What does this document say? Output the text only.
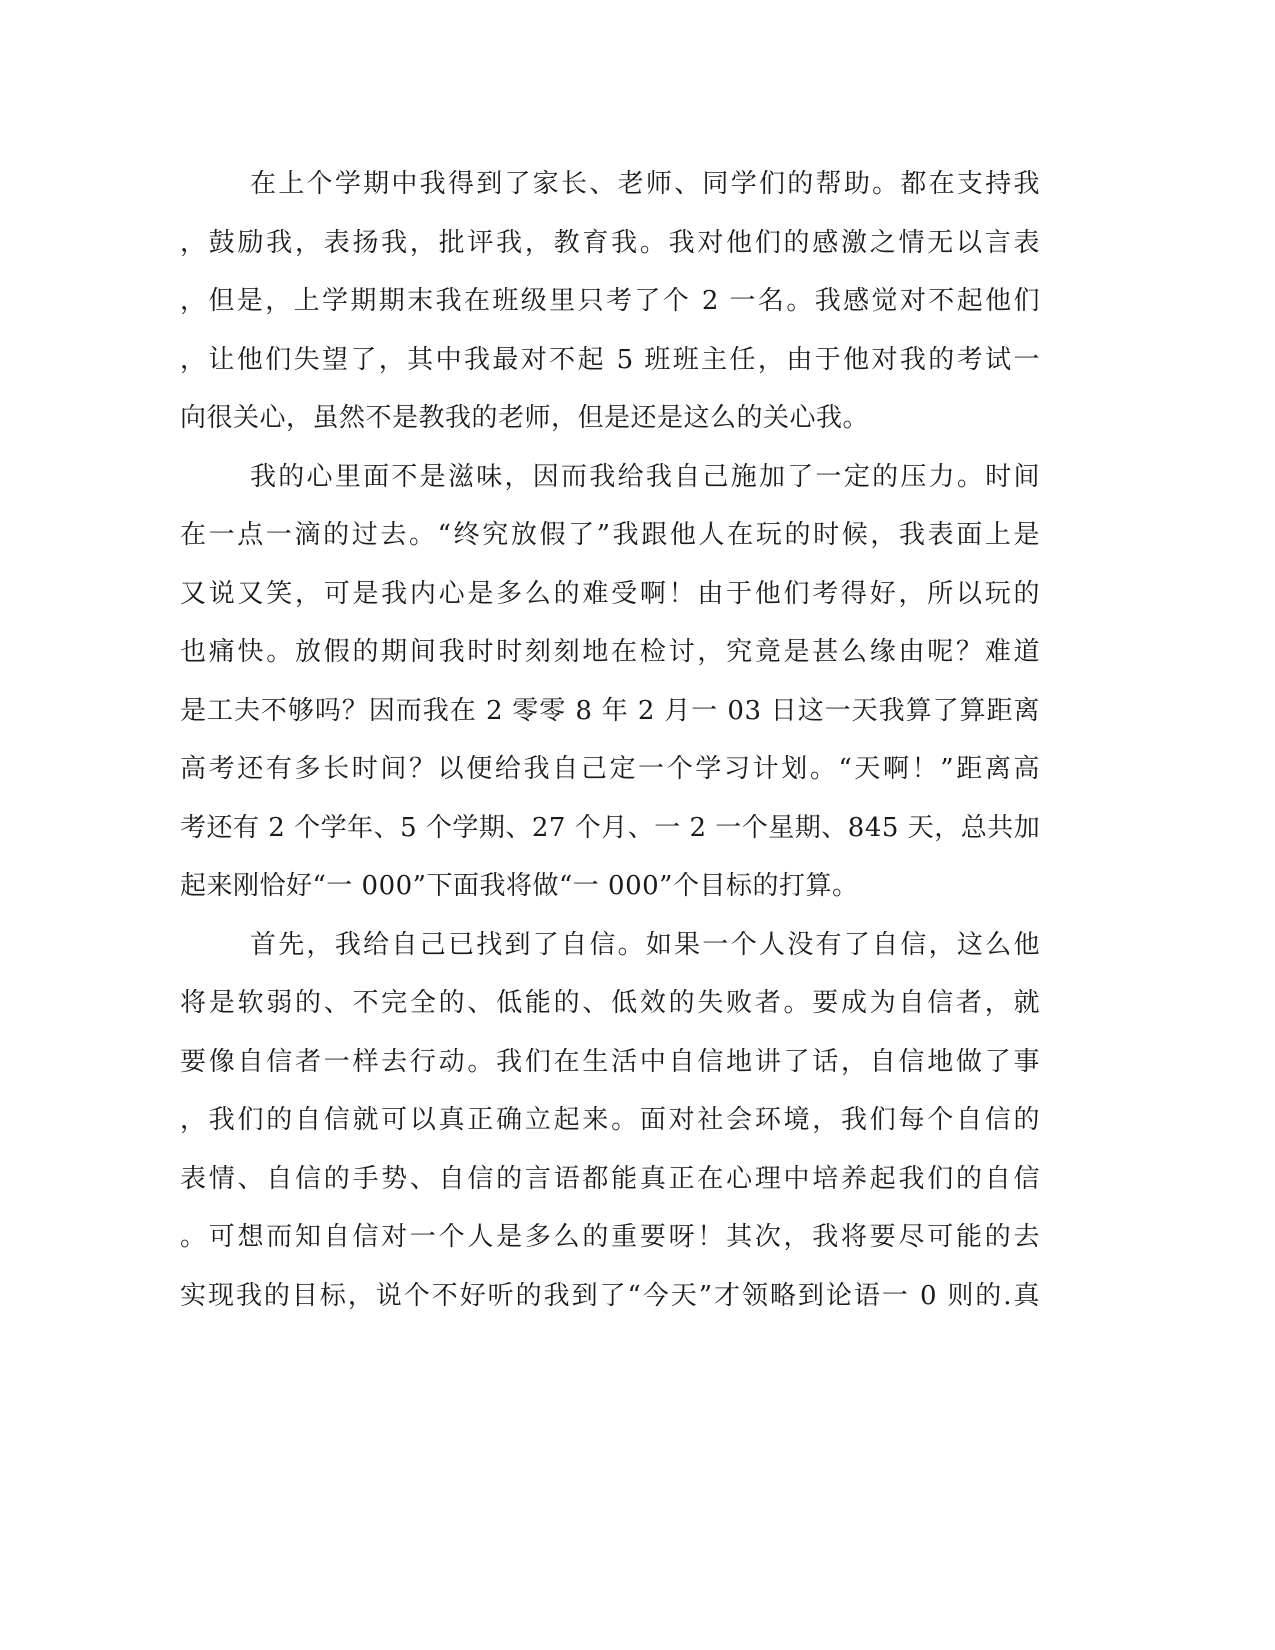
在上个学期中我得到了家长、老师、同学们的帮助。都在支持我
，鼓励我，表扬我，批评我，教育我。我对他们的感激之情无以言表
，但是，上学期期末我在班级里只考了个 2 一名。我感觉对不起他们
，让他们失望了，其中我最对不起 5 班班主任，由于他对我的考试一
向很关心，虽然不是教我的老师，但是还是这么的关心我。
我的心里面不是滋味，因而我给我自己施加了一定的压力。时间
在一点一滴的过去。“终究放假了”我跟他人在玩的时候，我表面上是
又说又笑，可是我内心是多么的难受啊！由于他们考得好，所以玩的
也痛快。放假的期间我时时刻刻地在检讨，究竟是甚么缘由呢？难道
是工夫不够吗？因而我在 2 零零 8 年 2 月一 03 日这一天我算了算距离
高考还有多长时间？以便给我自己定一个学习计划。“天啊！”距离高
考还有 2 个学年、5 个学期、27 个月、一 2 一个星期、845 天，总共加
起来刚恰好“一 000”下面我将做“一 000”个目标的打算。
首先，我给自己已找到了自信。如果一个人没有了自信，这么他
将是软弱的、不完全的、低能的、低效的失败者。要成为自信者，就
要像自信者一样去行动。我们在生活中自信地讲了话，自信地做了事
，我们的自信就可以真正确立起来。面对社会环境，我们每个自信的
表情、自信的手势、自信的言语都能真正在心理中培养起我们的自信
。可想而知自信对一个人是多么的重要呀！其次，我将要尽可能的去
实现我的目标，说个不好听的我到了“今天”才领略到论语一 0 则的.真
